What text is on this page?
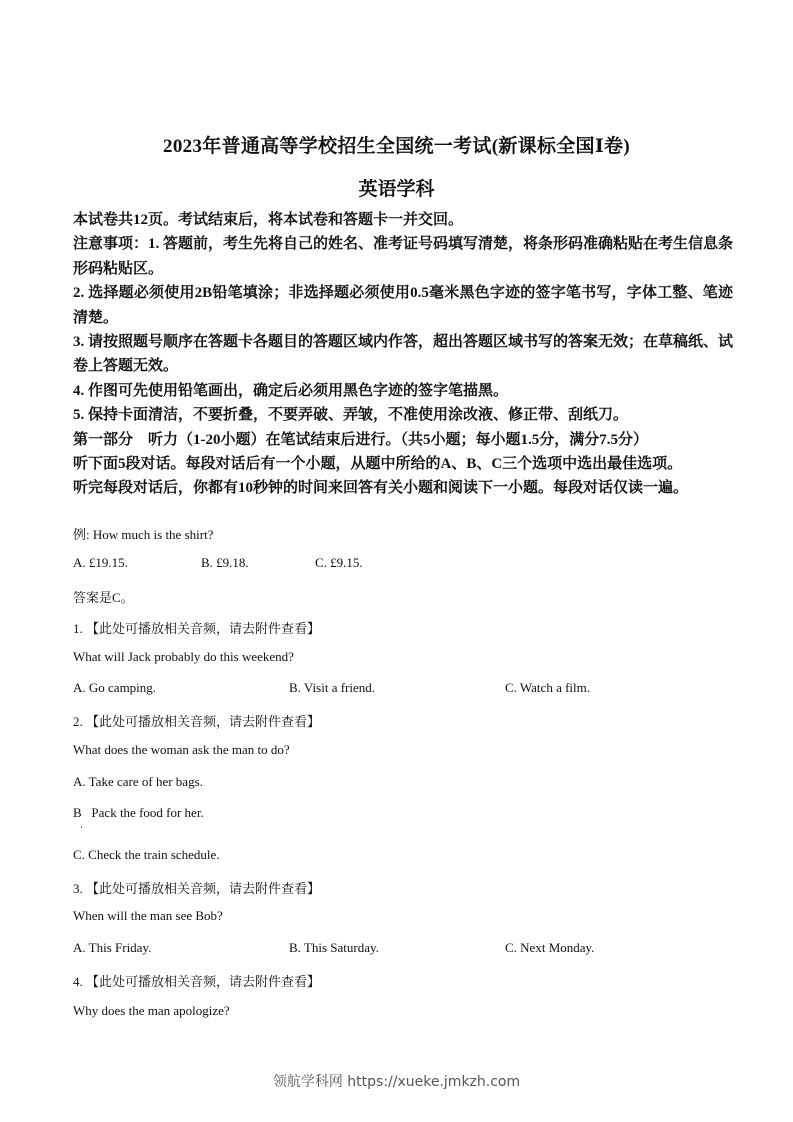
2023年普通高等学校招生全国统一考试(新课标全国Ⅰ卷)
英语学科

本试卷共12页。考试结束后，将本试卷和答题卡一并交回。

注意事项：1. 答题前，考生先将自己的姓名、准考证号码填写清楚，将条形码准确粘贴在考生信息条形码粘贴区。

2. 选择题必须使用2B铅笔填涂；非选择题必须使用0.5毫米黑色字迹的签字笔书写，字体工整、笔迹清楚。

3. 请按照题号顺序在答题卡各题目的答题区域内作答，超出答题区域书写的答案无效；在草稿纸、试卷上答题无效。

4. 作图可先使用铅笔画出，确定后必须用黑色字迹的签字笔描黑。

5. 保持卡面清洁，不要折叠，不要弄破、弄皱，不准使用涂改液、修正带、刮纸刀。

第一部分　听力（1-20小题）在笔试结束后进行。（共5小题；每小题1.5分，满分7.5分）

听下面5段对话。每段对话后有一个小题，从题中所给的A、B、C三个选项中选出最佳选项。

听完每段对话后，你都有10秒钟的时间来回答有关小题和阅读下一小题。每段对话仅读一遍。

例: How much is the shirt?
A. £19.15.	B. £9.18.	C. £9.15.
答案是C。
1. 【此处可播放相关音频，请去附件查看】
What will Jack probably do this weekend?
A. Go camping.	B. Visit a friend.	C. Watch a film.
2. 【此处可播放相关音频，请去附件查看】
What does the woman ask the man to do?
A. Take care of her bags.
B   Pack the food for her.
C. Check the train schedule.
3. 【此处可播放相关音频，请去附件查看】
When will the man see Bob?
A. This Friday.	B. This Saturday.	C. Next Monday.
4. 【此处可播放相关音频，请去附件查看】
Why does the man apologize?
领航学科网 https://xueke.jmkzh.com
